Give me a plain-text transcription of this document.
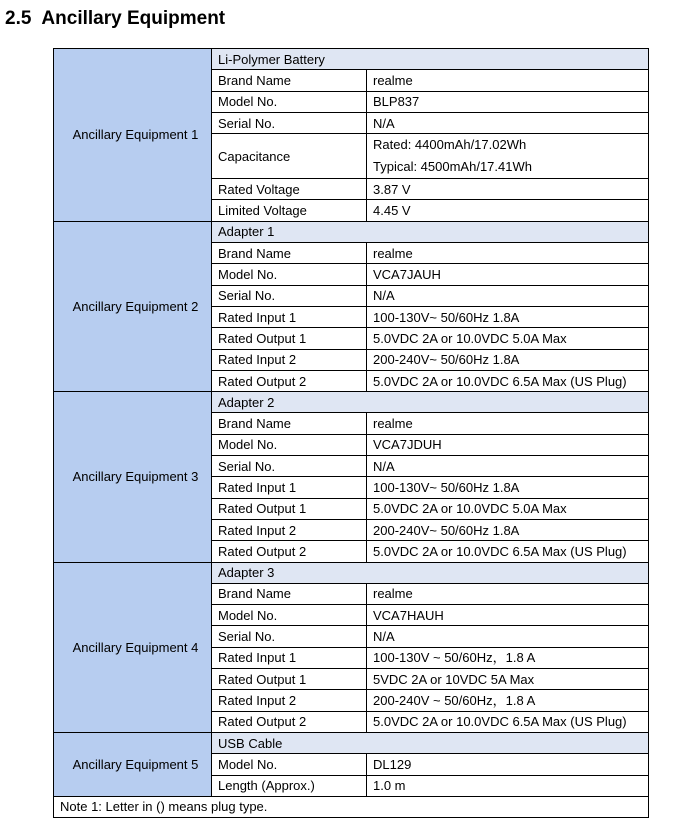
2.5 Ancillary Equipment
Ancillary Equipment 1	Li-Polymer Battery	
	Brand Name	realme
	Model No.	BLP837
	Serial No.	N/A
	Capacitance	Rated: 4400mAh/17.02Wh
Typical: 4500mAh/17.41Wh

	Rated Voltage	3.87 V
	Limited Voltage	4.45 V
Ancillary Equipment 2	Adapter 1	
	Brand Name	realme
	Model No.	VCA7JAUH
	Serial No.	N/A
	Rated Input 1	100-130V~ 50/60Hz 1.8A
	Rated Output 1	5.0VDC 2A or 10.0VDC 5.0A Max
	Rated Input 2	200-240V~ 50/60Hz 1.8A
	Rated Output 2	5.0VDC 2A or 10.0VDC 6.5A Max (US Plug)
Ancillary Equipment 3	Adapter 2	
	Brand Name	realme
	Model No.	VCA7JDUH
	Serial No.	N/A
	Rated Input 1	100-130V~ 50/60Hz 1.8A
	Rated Output 1	5.0VDC 2A or 10.0VDC 5.0A Max
	Rated Input 2	200-240V~ 50/60Hz 1.8A
	Rated Output 2	5.0VDC 2A or 10.0VDC 6.5A Max (US Plug)
Ancillary Equipment 4	Adapter 3	
	Brand Name	realme
	Model No.	VCA7HAUH
	Serial No.	N/A
	Rated Input 1	100-130V ~ 50/60Hz，1.8 A
	Rated Output 1	5VDC 2A or 10VDC 5A Max
	Rated Input 2	200-240V ~ 50/60Hz，1.8 A
	Rated Output 2	5.0VDC 2A or 10.0VDC 6.5A Max (US Plug)
Ancillary Equipment 5	USB Cable	
	Model No.	DL129
	Length (Approx.)	1.0 m
Note 1: Letter in () means plug type.		
